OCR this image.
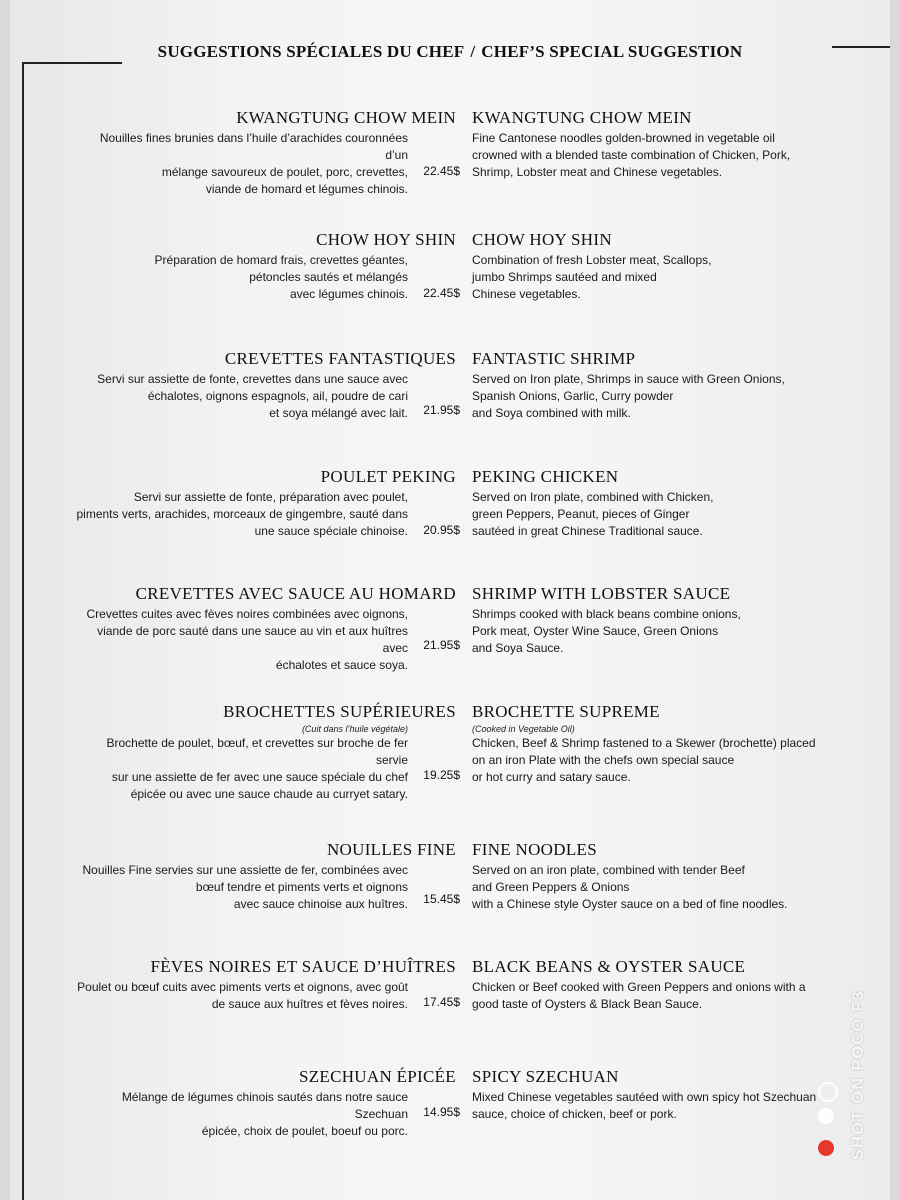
SUGGESTIONS SPÉCIALES DU CHEF / CHEF’S SPECIAL SUGGESTION
KWANGTUNG CHOW MEIN
Nouilles fines brunies dans l’huile d’arachides couronnées d’un
mélange savoureux de poulet, porc, crevettes,
viande de homard et légumes chinois.
22.45$
KWANGTUNG CHOW MEIN
Fine Cantonese noodles golden-browned in vegetable oil
crowned with a blended taste combination of Chicken, Pork,
Shrimp, Lobster meat and Chinese vegetables.
CHOW HOY SHIN
Préparation de homard frais, crevettes géantes,
pétoncles sautés et mélangés
avec légumes chinois.	22.45$
CHOW HOY SHIN
Combination of fresh Lobster meat, Scallops,
jumbo Shrimps sautéed and mixed
Chinese vegetables.
CREVETTES FANTASTIQUES
Servi sur assiette de fonte, crevettes dans une sauce avec
échalotes, oignons espagnols, ail, poudre de cari
et soya mélangé avec lait.	21.95$
FANTASTIC SHRIMP
Served on Iron plate, Shrimps in sauce with Green Onions,
Spanish Onions, Garlic, Curry powder
and Soya combined with milk.
POULET PEKING
Servi sur assiette de fonte, préparation avec poulet,
piments verts, arachides, morceaux de gingembre, sauté dans
une sauce spéciale chinoise.	20.95$
PEKING CHICKEN
Served on Iron plate, combined with Chicken,
green Peppers, Peanut, pieces of Ginger
sautéed in great Chinese Traditional sauce.
CREVETTES AVEC SAUCE AU HOMARD
Crevettes cuites avec fèves noires combinées avec oignons,
viande de porc sauté dans une sauce au vin et aux huîtres avec
échalotes et sauce soya.
21.95$
SHRIMP WITH LOBSTER SAUCE
Shrimps cooked with black beans combine onions,
Pork meat, Oyster Wine Sauce, Green Onions
and Soya Sauce.
BROCHETTES SUPÉRIEURES
(Cuit dans l’huile végétale)
Brochette de poulet, bœuf, et crevettes sur broche de fer servie
sur une assiette de fer avec une sauce spéciale du chef
épicée ou avec une sauce chaude au curryet satary.
19.25$
BROCHETTE SUPREME
(Cooked in Vegetable Oil)
Chicken, Beef & Shrimp fastened to a Skewer (brochette) placed
on an iron Plate with the chefs own special sauce
or hot curry and satary sauce.
NOUILLES FINE
Nouilles Fine servies sur une assiette de fer, combinées avec
bœuf tendre et piments verts et oignons
avec sauce chinoise aux huîtres.	15.45$
FINE NOODLES
Served on an iron plate, combined with tender Beef
and Green Peppers & Onions
with a Chinese style Oyster sauce on a bed of fine noodles.
FÈVES NOIRES ET SAUCE D’HUÎTRES
Poulet ou bœuf cuits avec piments verts et oignons, avec goût
de sauce aux huîtres et fèves noires.	17.45$
BLACK BEANS & OYSTER SAUCE
Chicken or Beef cooked with Green Peppers and onions with a
good taste of Oysters & Black Bean Sauce.
SZECHUAN ÉPICÉE
Mélange de légumes chinois sautés dans notre sauce Szechuan
épicée, choix de poulet, boeuf ou porc.
14.95$
SPICY SZECHUAN
Mixed Chinese vegetables sautéed with own spicy hot Szechuan
sauce, choice of chicken, beef or pork.	SHOT ON POCO F3
